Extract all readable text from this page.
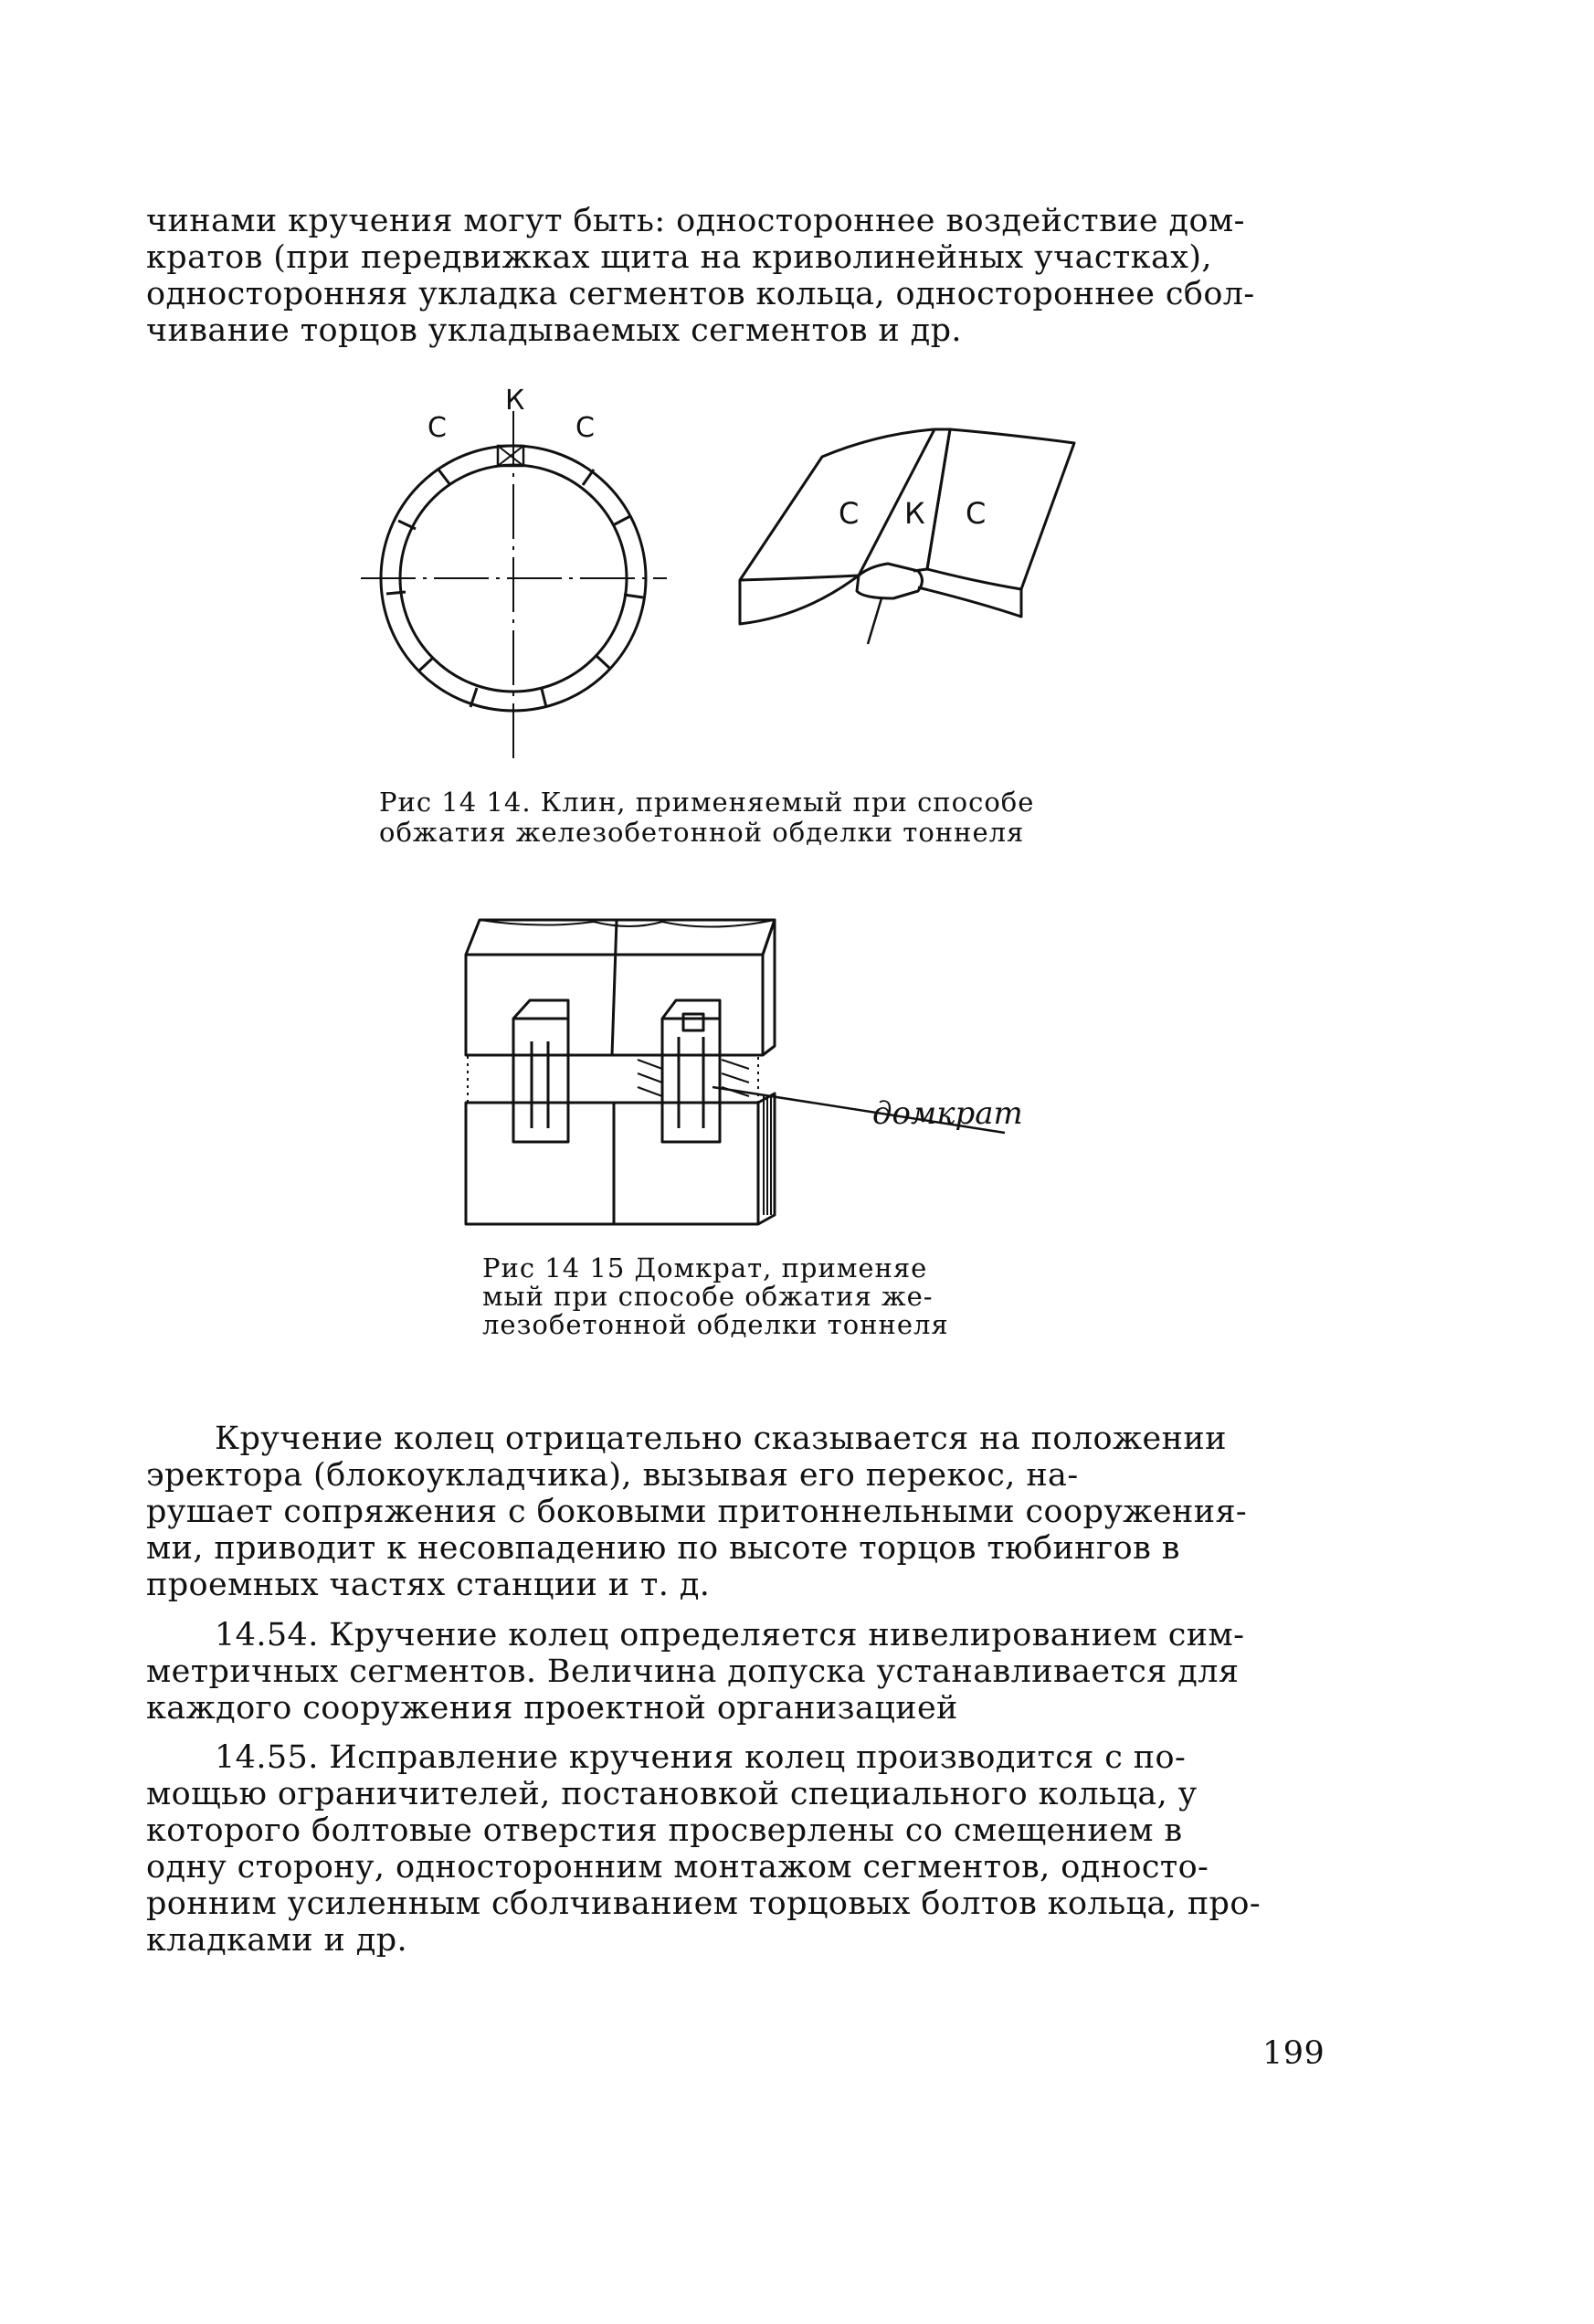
чинами кручения могут быть: одностороннее воздействие дом-
кратов (при передвижках щита на криволинейных участках),
односторонняя укладка сегментов кольца, одностороннее сбол-
чивание торцов укладываемых сегментов и др.
С
К
С
С К С
Рис 14 14. Клин, применяемый при способе
обжатия железобетонной обделки тоннеля
домкрат
Рис 14 15 Домкрат, применяе
мый при способе обжатия же-
лезобетонной обделки тоннеля
Кручение колец отрицательно сказывается на положении
эректора (блокоукладчика), вызывая его перекос, на-
рушает сопряжения с боковыми притоннельными сооружения-
ми, приводит к несовпадению по высоте торцов тюбингов в
проемных частях станции и т. д.
14.54. Кручение колец определяется нивелированием сим-
метричных сегментов. Величина допуска устанавливается для
каждого сооружения проектной организацией
14.55. Исправление кручения колец производится с по-
мощью ограничителей, постановкой специального кольца, у
которого болтовые отверстия просверлены со смещением в
одну сторону, односторонним монтажом сегментов, односто-
ронним усиленным сболчиванием торцовых болтов кольца, про-
кладками и др.
199
